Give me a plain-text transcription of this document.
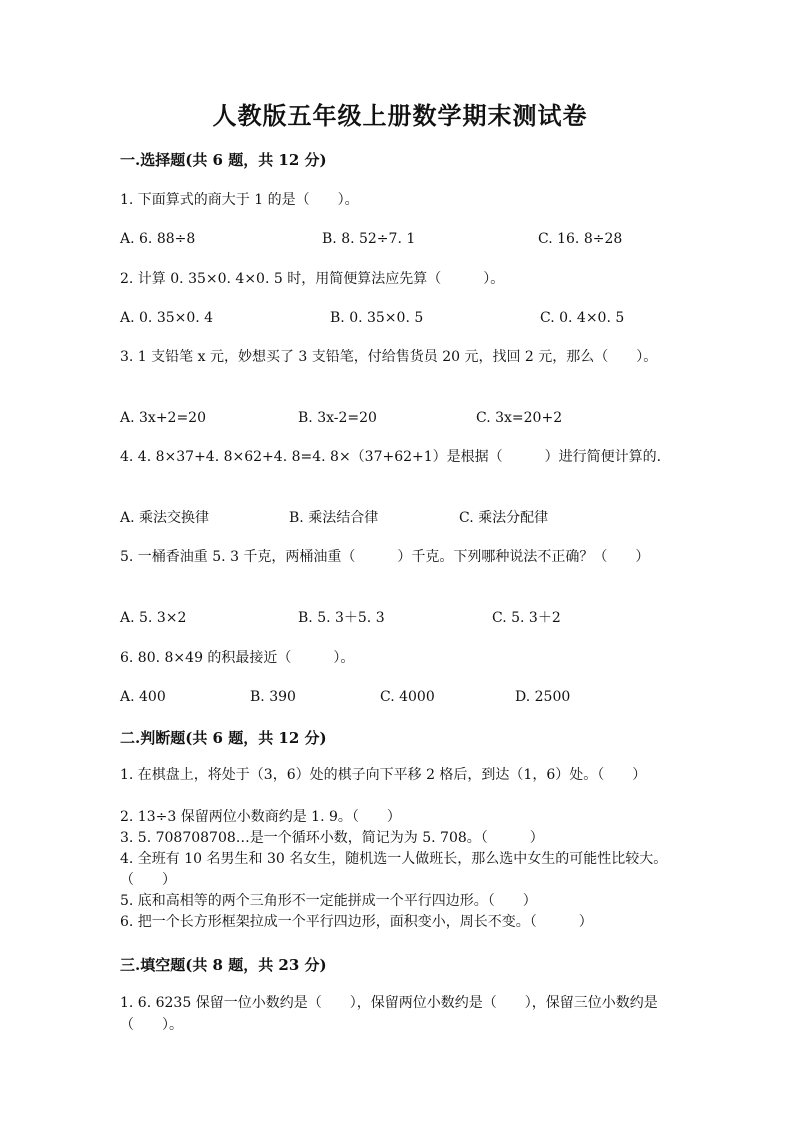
人教版五年级上册数学期末测试卷
一.选择题(共 6 题，共 12 分)
1. 下面算式的商大于 1 的是（　　）。
A. 6. 88÷8	B. 8. 52÷7. 1	C. 16. 8÷28
2. 计算 0. 35×0. 4×0. 5 时，用简便算法应先算（　　　）。
A. 0. 35×0. 4	B. 0. 35×0. 5	C. 0. 4×0. 5
3. 1 支铅笔 x 元，妙想买了 3 支铅笔，付给售货员 20 元，找回 2 元，那么（　　）。
A. 3x+2=20	B. 3x-2=20	C. 3x=20+2
4. 4. 8×37+4. 8×62+4. 8=4. 8×（37+62+1）是根据（　　　）进行简便计算的.
A. 乘法交换律	B. 乘法结合律	C. 乘法分配律
5. 一桶香油重 5. 3 千克，两桶油重（　　　）千克。下列哪种说法不正确？（　　）
A. 5. 3×2	B. 5. 3＋5. 3	C. 5. 3＋2
6. 80. 8×49 的积最接近（　　　）。
A. 400	B. 390	C. 4000	D. 2500
二.判断题(共 6 题，共 12 分)
1. 在棋盘上，将处于（3，6）处的棋子向下平移 2 格后，到达（1，6）处。（　　）
2. 13÷3 保留两位小数商约是 1. 9。（　　）
3. 5. 708708708…是一个循环小数，简记为为 5. 708。（　　　）
4. 全班有 10 名男生和 30 名女生，随机选一人做班长，那么选中女生的可能性比较大。（　　）
5. 底和高相等的两个三角形不一定能拼成一个平行四边形。（　　）
6. 把一个长方形框架拉成一个平行四边形，面积变小，周长不变。（　　　）
三.填空题(共 8 题，共 23 分)
1. 6. 6235 保留一位小数约是（　　），保留两位小数约是（　　），保留三位小数约是（　　）。
